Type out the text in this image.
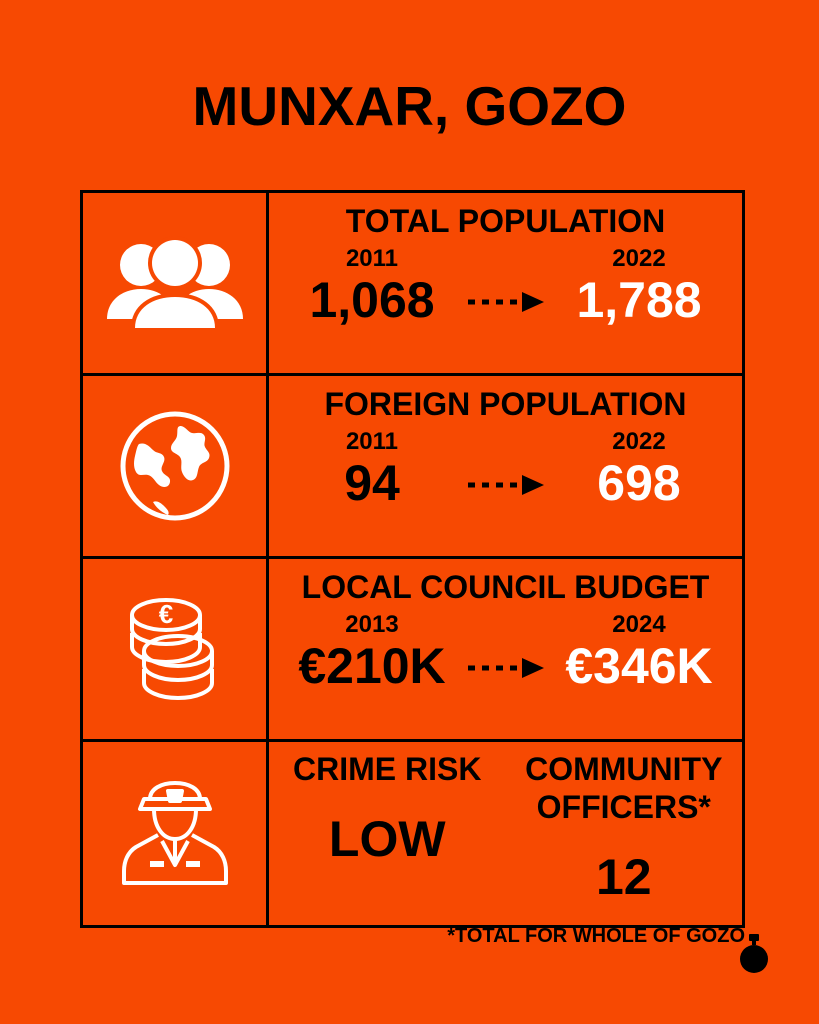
MUNXAR, GOZO
TOTAL POPULATION
2011
1,068
2022
1,788
FOREIGN POPULATION
2011
94
2022
698
€
LOCAL COUNCIL BUDGET
2013
€210K
2024
€346K
CRIME RISK
LOW
COMMUNITY OFFICERS*
12
*TOTAL FOR WHOLE OF GOZO
